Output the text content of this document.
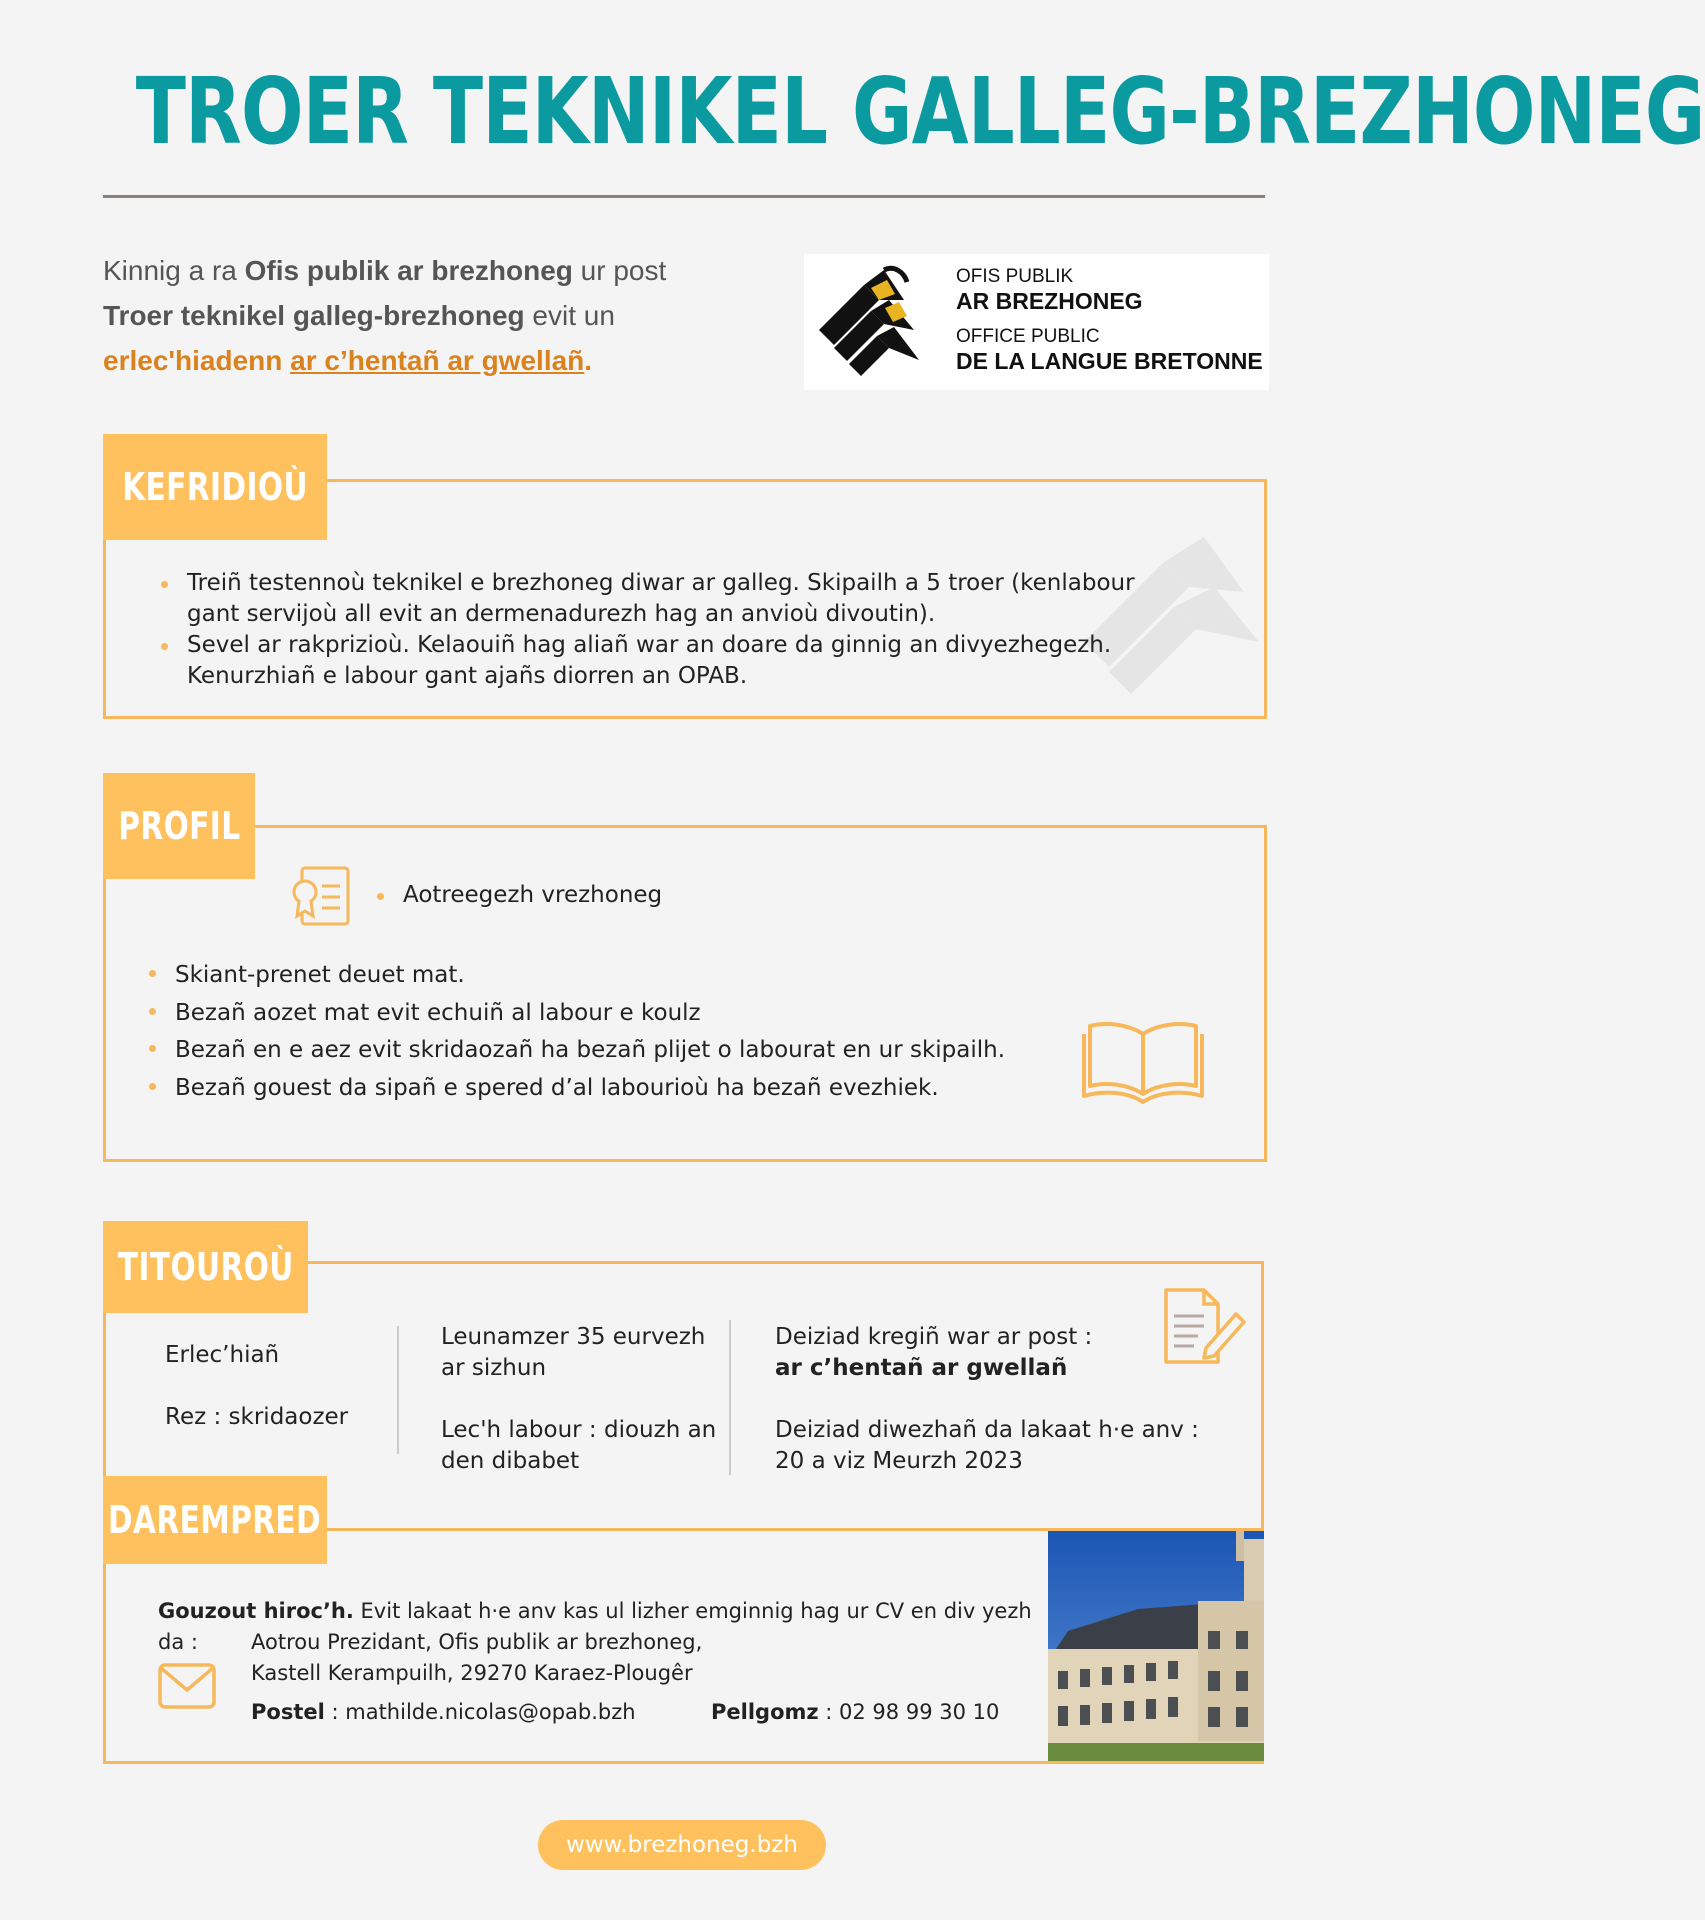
TROER TEKNIKEL GALLEG-BREZHONEG
Kinnig a ra Ofis publik ar brezhoneg ur post
Troer teknikel galleg-brezhoneg evit un
erlec'hiadenn ar c’hentañ ar gwellañ.
OFIS PUBLIK
AR BREZHONEG
OFFICE PUBLIC
DE LA LANGUE BRETONNE
KEFRIDIOÙ
Treiñ testennoù teknikel e brezhoneg diwar ar galleg. Skipailh a 5 troer (kenlabour gant servijoù all evit an dermenadurezh hag an anvioù divoutin).
Sevel ar rakprizioù. Kelaouiñ hag aliañ war an doare da ginnig an divyezhegezh. Kenurzhiañ e labour gant ajañs diorren an OPAB.
PROFIL
Aotreegezh vrezhoneg
Skiant-prenet deuet mat.
Bezañ aozet mat evit echuiñ al labour e koulz
Bezañ en e aez evit skridaozañ ha bezañ plijet o labourat en ur skipailh.
Bezañ gouest da sipañ e spered d’al labourioù ha bezañ evezhiek.
TITOUROÙ
Erlec’hiañ
Rez : skridaozer
Leunamzer 35 eurvezh
ar sizhun
Lec'h labour : diouzh an
den dibabet
Deiziad kregiñ war ar post :
ar c’hentañ ar gwellañ
Deiziad diwezhañ da lakaat h·e anv :
20 a viz Meurzh 2023
DAREMPRED
Gouzout hiroc’h. Evit lakaat h·e anv kas ul lizher emginnig hag ur CV en div yezh da :	Aotrou Prezidant, Ofis publik ar brezhoneg,
Kastell Kerampuilh, 29270 Karaez-Plougêr
Postel : mathilde.nicolas@opab.bzh	Pellgomz : 02 98 99 30 10
www.brezhoneg.bzh
